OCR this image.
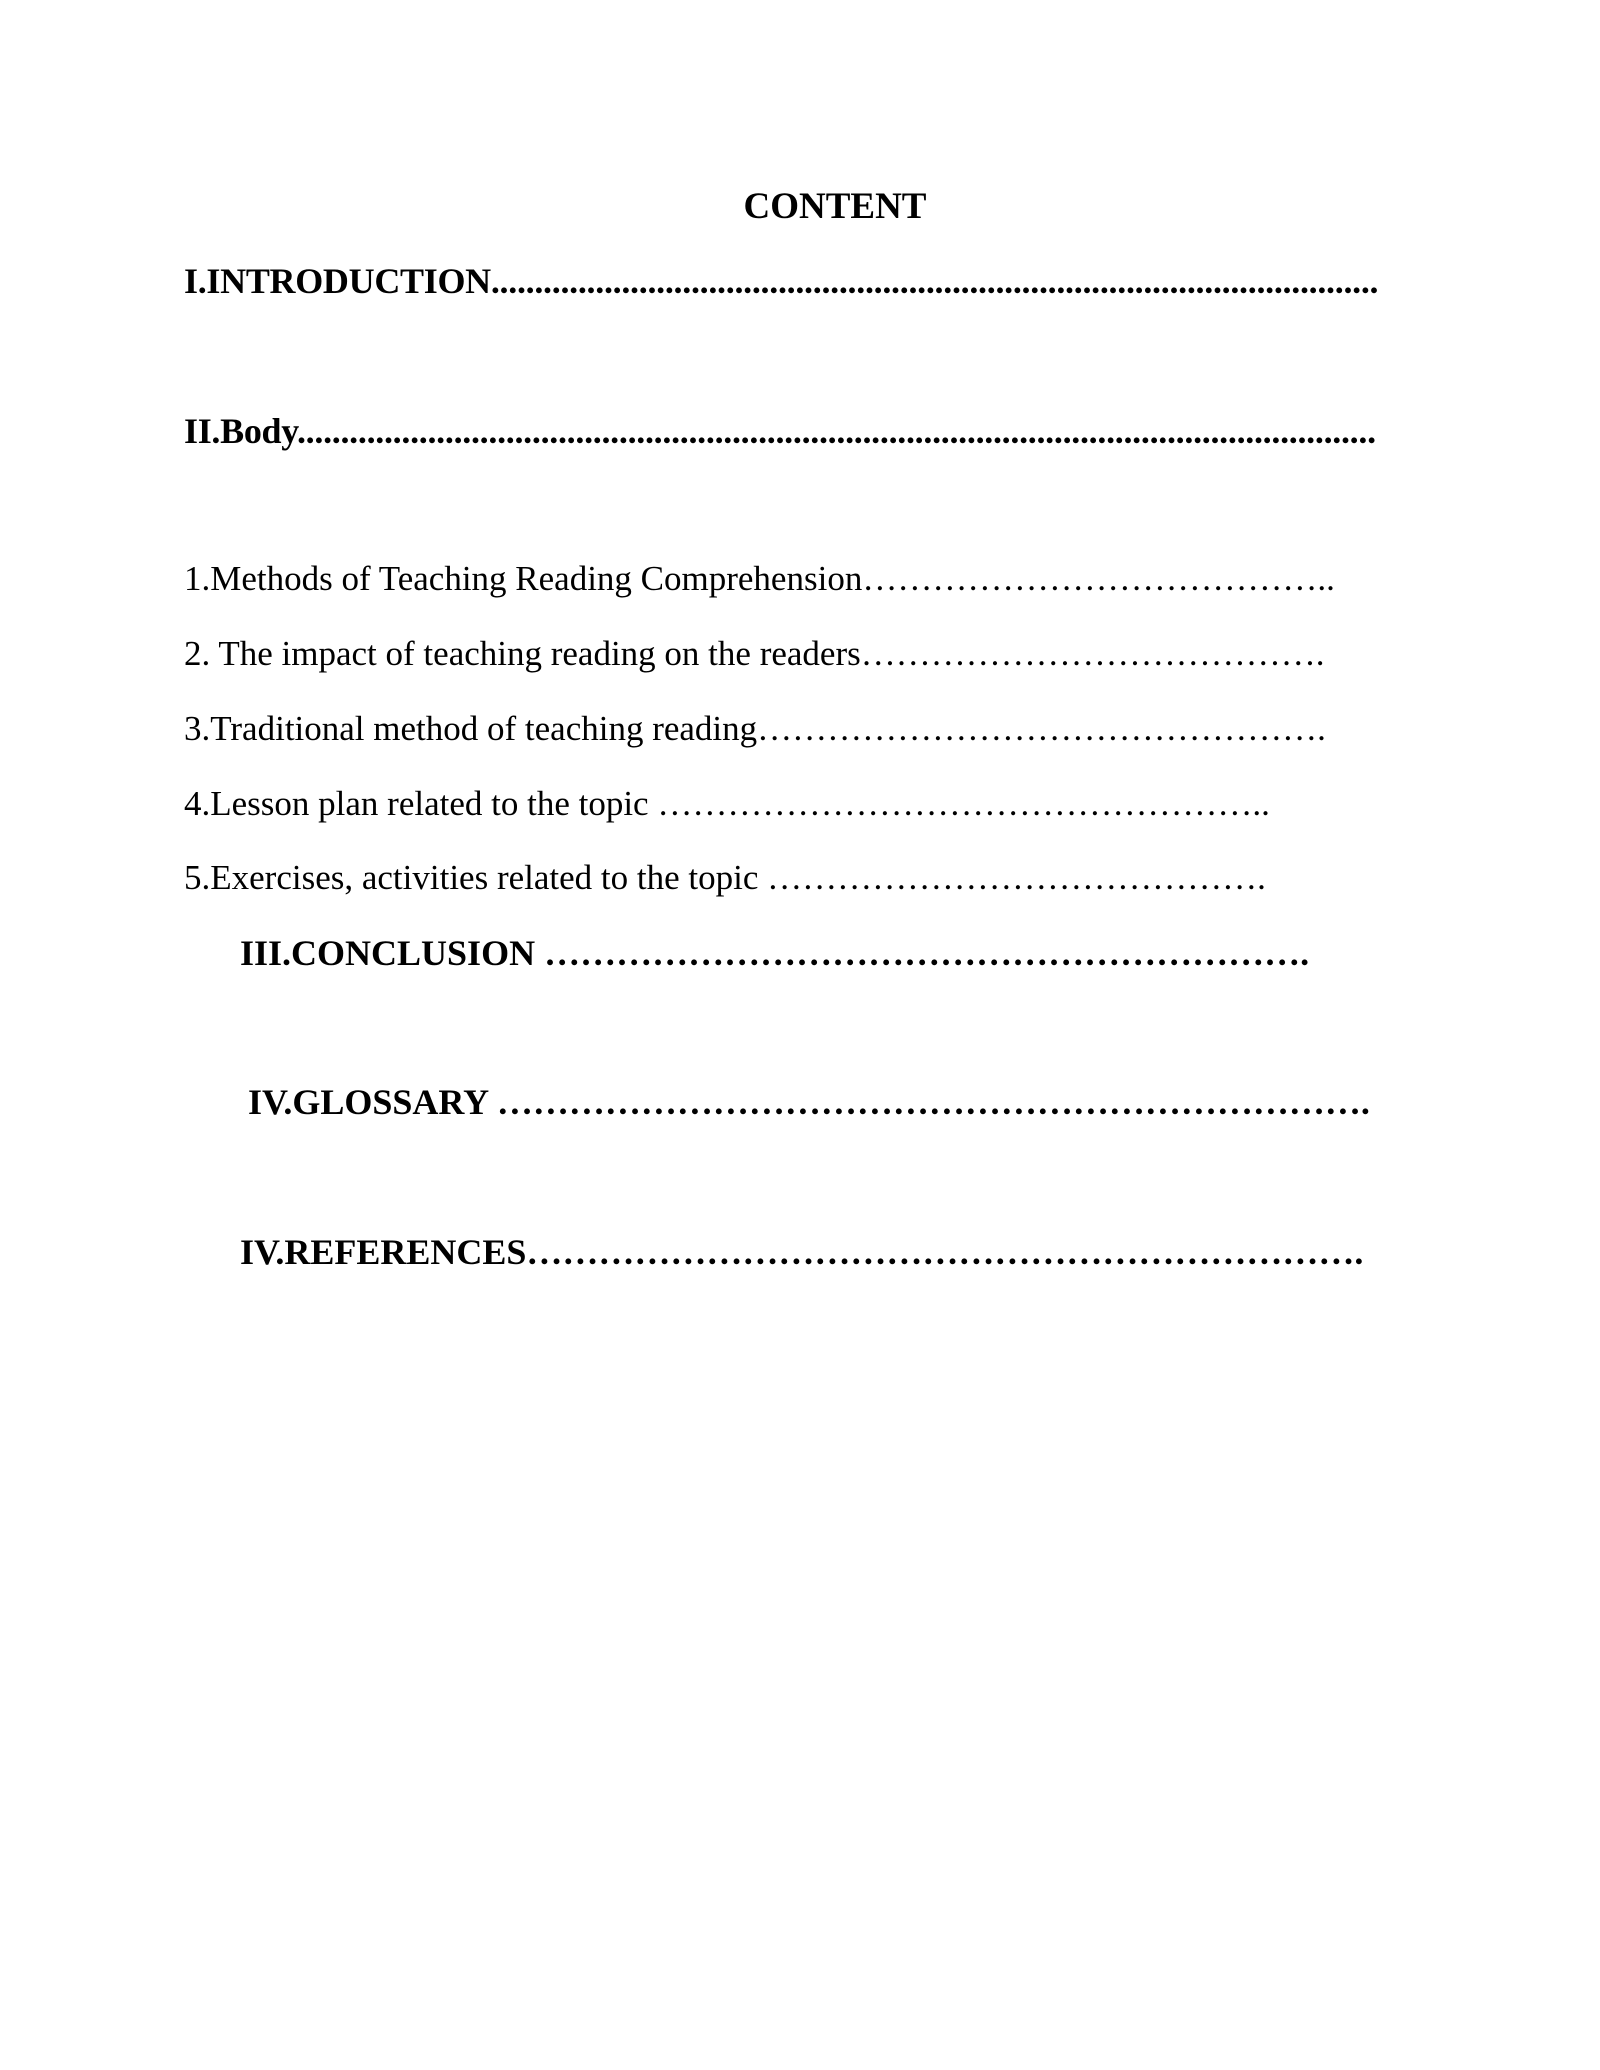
CONTENT
I.INTRODUCTION......................................................................................................
II.Body............................................................................................................................
1.Methods of Teaching Reading Comprehension…………………………………..
2. The impact of teaching reading on the readers………………………………….
3.Traditional method of teaching reading………………………………………….
4.Lesson plan related to the topic ……………………………………………..
5.Exercises, activities related to the topic …………………………………….
III.CONCLUSION ……………………………………………………….
IV.GLOSSARY ……………………………………………………………….
IV.REFERENCES…………………………………………………………….
